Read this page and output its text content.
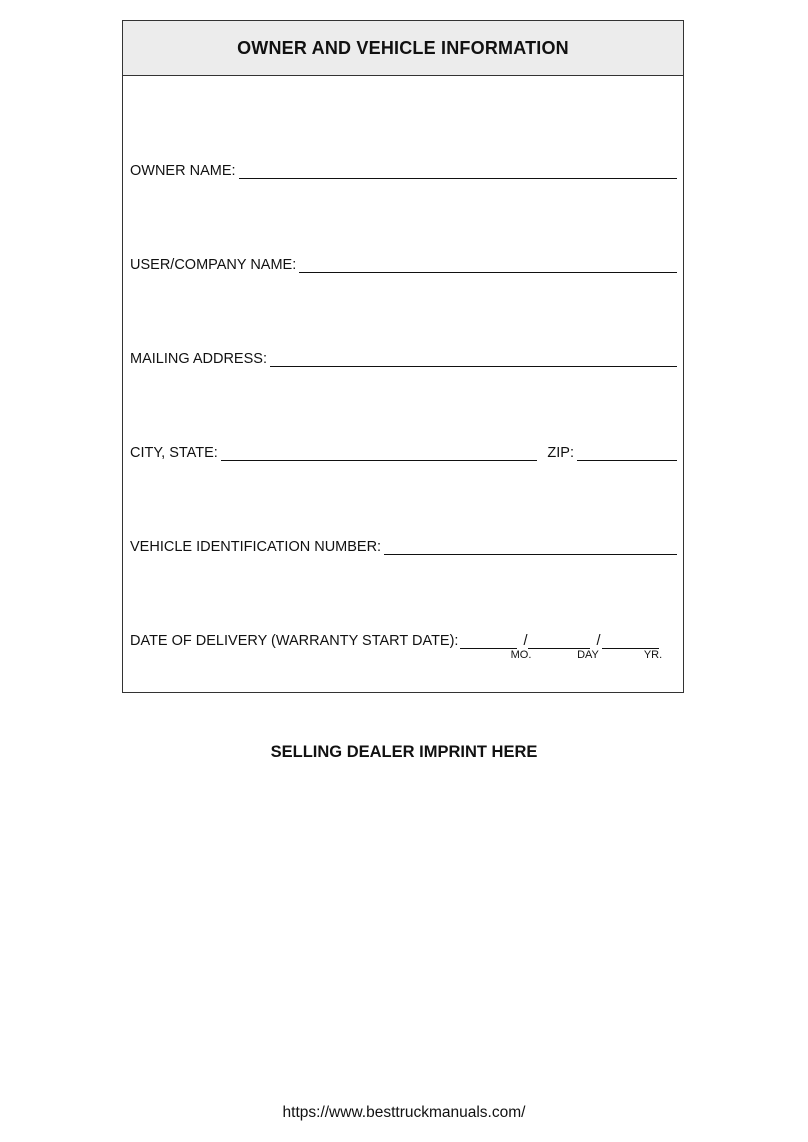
OWNER AND VEHICLE INFORMATION
OWNER NAME:
USER/COMPANY NAME:
MAILING ADDRESS:
CITY, STATE:	ZIP:
VEHICLE IDENTIFICATION NUMBER:
DATE OF DELIVERY (WARRANTY START DATE):	/	/
MO.	DAY	YR.
SELLING DEALER IMPRINT HERE
https://www.besttruckmanuals.com/
